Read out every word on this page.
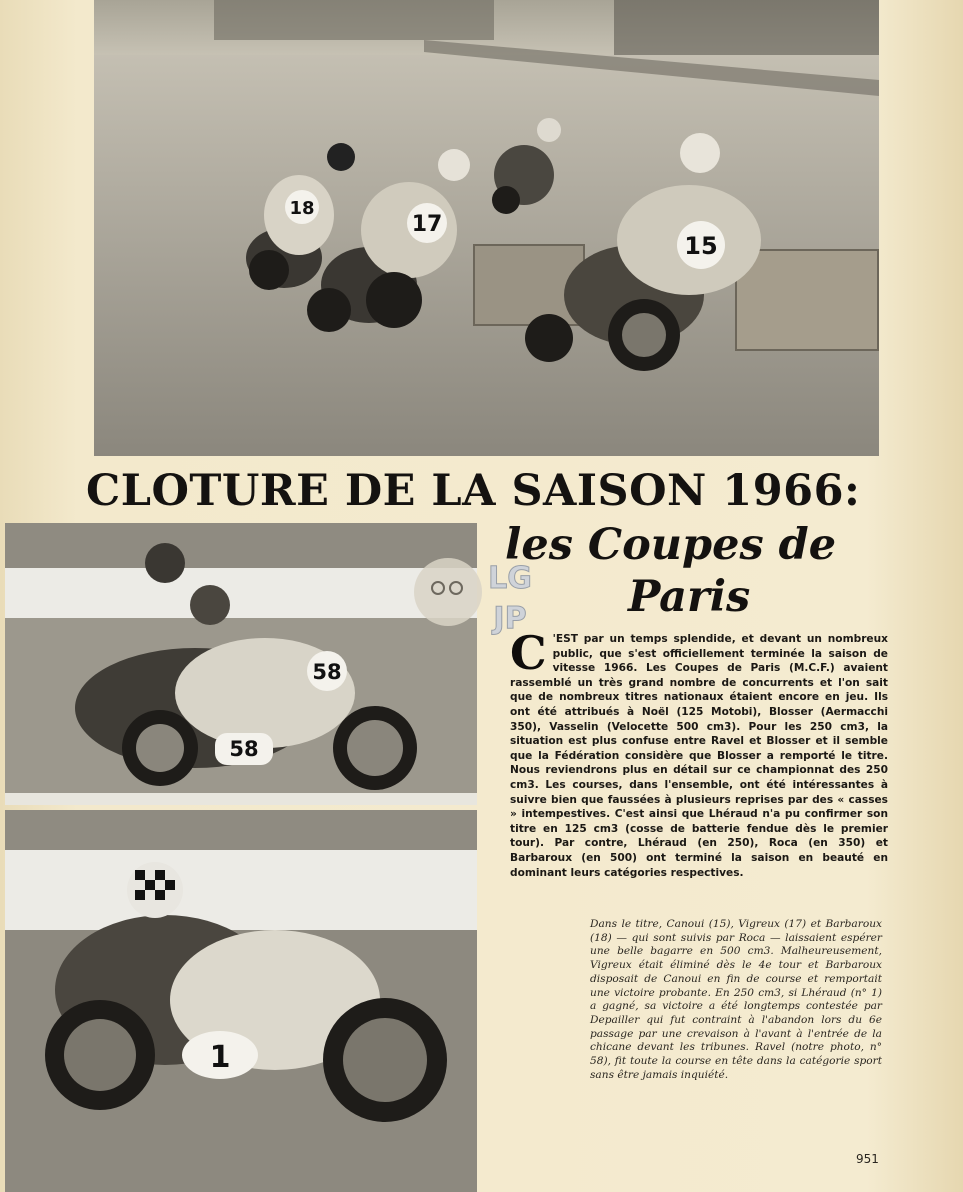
18
17
15
CLOTURE DE LA SAISON 1966:
les Coupes de
Paris
58
58
LG
JP
1
C 'EST par un temps splendide, et devant un nombreux public, que s'est officiellement terminée la saison de vitesse 1966. Les Coupes de Paris (M.C.F.) avaient rassemblé un très grand nombre de concurrents et l'on sait que de nombreux titres nationaux étaient encore en jeu. Ils ont été attribués à Noël (125 Motobi), Blosser (Aermacchi 350), Vasselin (Velocette 500 cm3). Pour les 250 cm3, la situation est plus confuse entre Ravel et Blosser et il semble que la Fédération considère que Blosser a remporté le titre. Nous reviendrons plus en détail sur ce championnat des 250 cm3. Les courses, dans l'ensemble, ont été intéressantes à suivre bien que faussées à plusieurs reprises par des « casses » intempestives. C'est ainsi que Lhéraud n'a pu confirmer son titre en 125 cm3 (cosse de batterie fendue dès le premier tour). Par contre, Lhéraud (en 250), Roca (en 350) et Barbaroux (en 500) ont terminé la saison en beauté en dominant leurs catégories respectives.
Dans le titre, Canoui (15), Vigreux (17) et Barbaroux (18) — qui sont suivis par Roca — laissaient espérer une belle bagarre en 500 cm3. Malheureusement, Vigreux était éliminé dès le 4e tour et Barbaroux disposait de Canoui en fin de course et remportait une victoire probante. En 250 cm3, si Lhéraud (n° 1) a gagné, sa victoire a été longtemps contestée par Depailler qui fut contraint à l'abandon lors du 6e passage par une crevaison à l'avant à l'entrée de la chicane devant les tribunes. Ravel (notre photo, n° 58), fit toute la course en tête dans la catégorie sport sans être jamais inquiété.
951
